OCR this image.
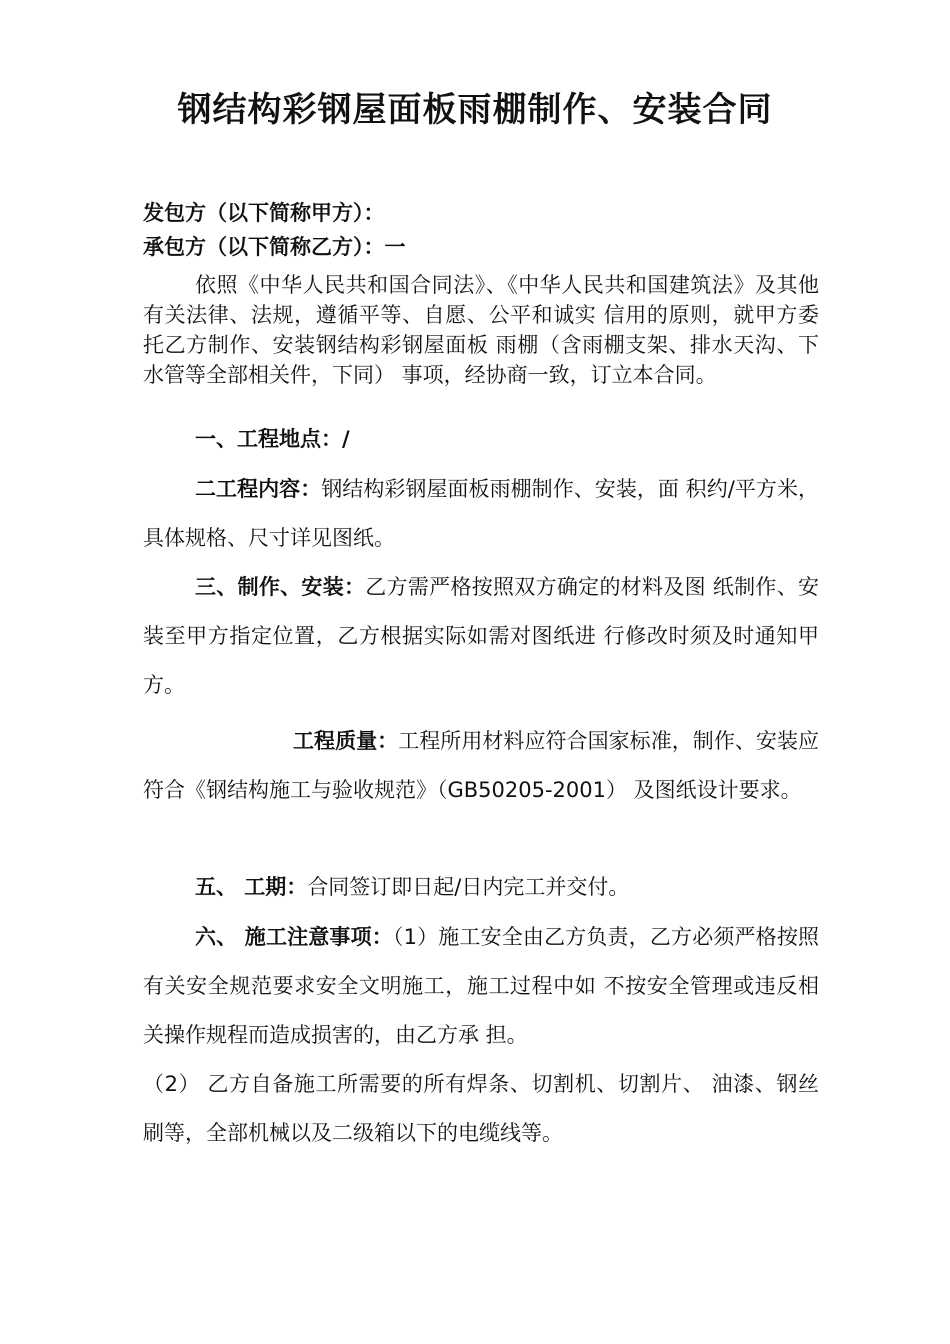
钢结构彩钢屋面板雨棚制作、安装合同
发包方（以下简称甲方）：
承包方（以下简称乙方）：一
依照《中华人民共和国合同法》、《中华人民共和国建筑法》及其他有关法律、法规，遵循平等、自愿、公平和诚实 信用的原则，就甲方委托乙方制作、安装钢结构彩钢屋面板 雨棚（含雨棚支架、排水天沟、下水管等全部相关件，下同） 事项，经协商一致，订立本合同。
一、工程地点：/
二工程内容：钢结构彩钢屋面板雨棚制作、安装，面 积约/平方米，具体规格、尺寸详见图纸。
三、制作、安装：乙方需严格按照双方确定的材料及图 纸制作、安装至甲方指定位置，乙方根据实际如需对图纸进 行修改时须及时通知甲方。
工程质量：工程所用材料应符合国家标准，制作、安装应符合《钢结构施工与验收规范》（GB50205-2001） 及图纸设计要求。
五、 工期：合同签订即日起/日内完工并交付。
六、 施工注意事项：（1）施工安全由乙方负责，乙方必须严格按照有关安全规范要求安全文明施工，施工过程中如 不按安全管理或违反相关操作规程而造成损害的，由乙方承 担。
（2） 乙方自备施工所需要的所有焊条、切割机、切割片、 油漆、钢丝刷等，全部机械以及二级箱以下的电缆线等。
